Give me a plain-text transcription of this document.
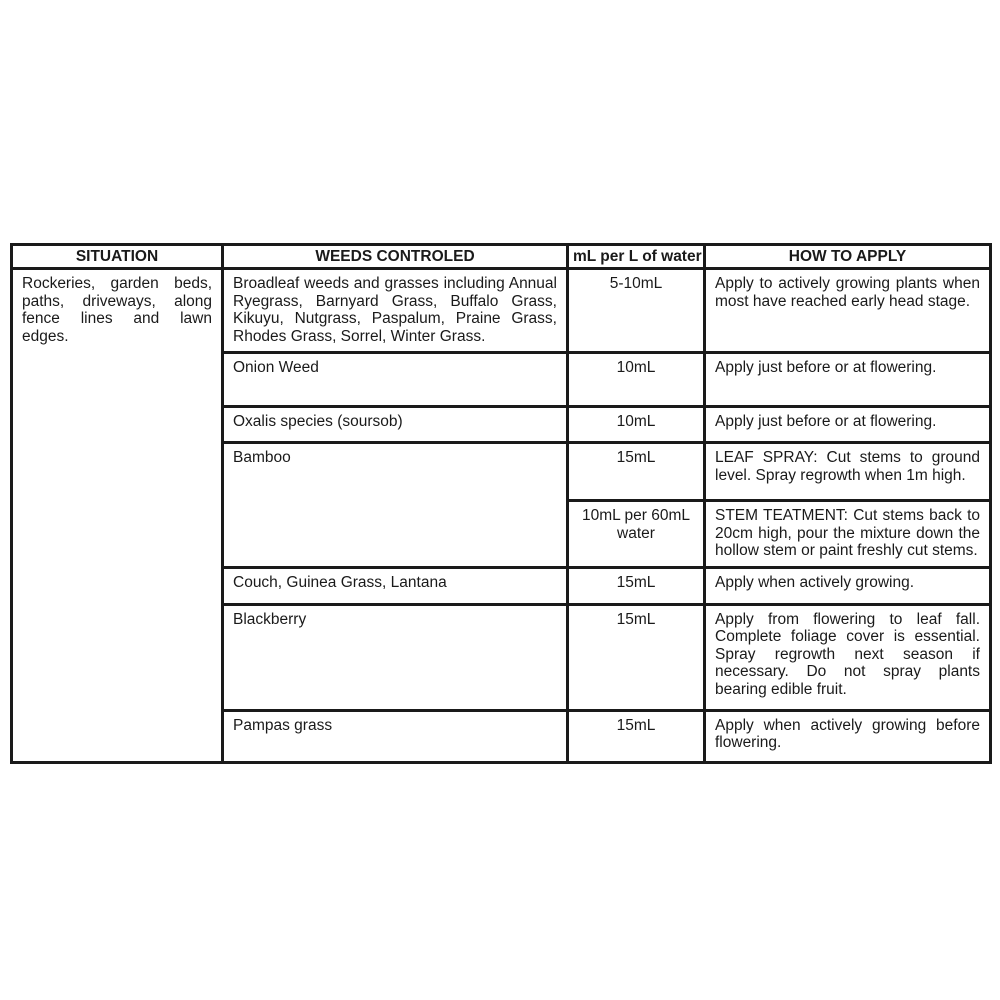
SITUATION	WEEDS CONTROLED	mL per L of water	HOW TO APPLY
Rockeries, garden beds, paths, driveways, along fence lines and lawn edges.	Broadleaf weeds and grasses including Annual Ryegrass, Barnyard Grass, Buffalo Grass, Kikuyu, Nutgrass, Paspalum, Praine Grass, Rhodes Grass, Sorrel, Winter Grass.	5-10mL	Apply to actively growing plants when most have reached early head stage.
	Onion Weed	10mL	Apply just before or at flowering.
	Oxalis species (soursob)	10mL	Apply just before or at flowering.
	Bamboo	15mL	LEAF SPRAY: Cut stems to ground level. Spray regrowth when 1m high.
		10mL per 60mL water	STEM TEATMENT: Cut stems back to 20cm high, pour the mixture down the hollow stem or paint freshly cut stems.
	Couch, Guinea Grass, Lantana	15mL	Apply when actively growing.
	Blackberry	15mL	Apply from flowering to leaf fall. Complete foliage cover is essential. Spray regrowth next season if necessary. Do not spray plants bearing edible fruit.
	Pampas grass	15mL	Apply when actively growing before flowering.
